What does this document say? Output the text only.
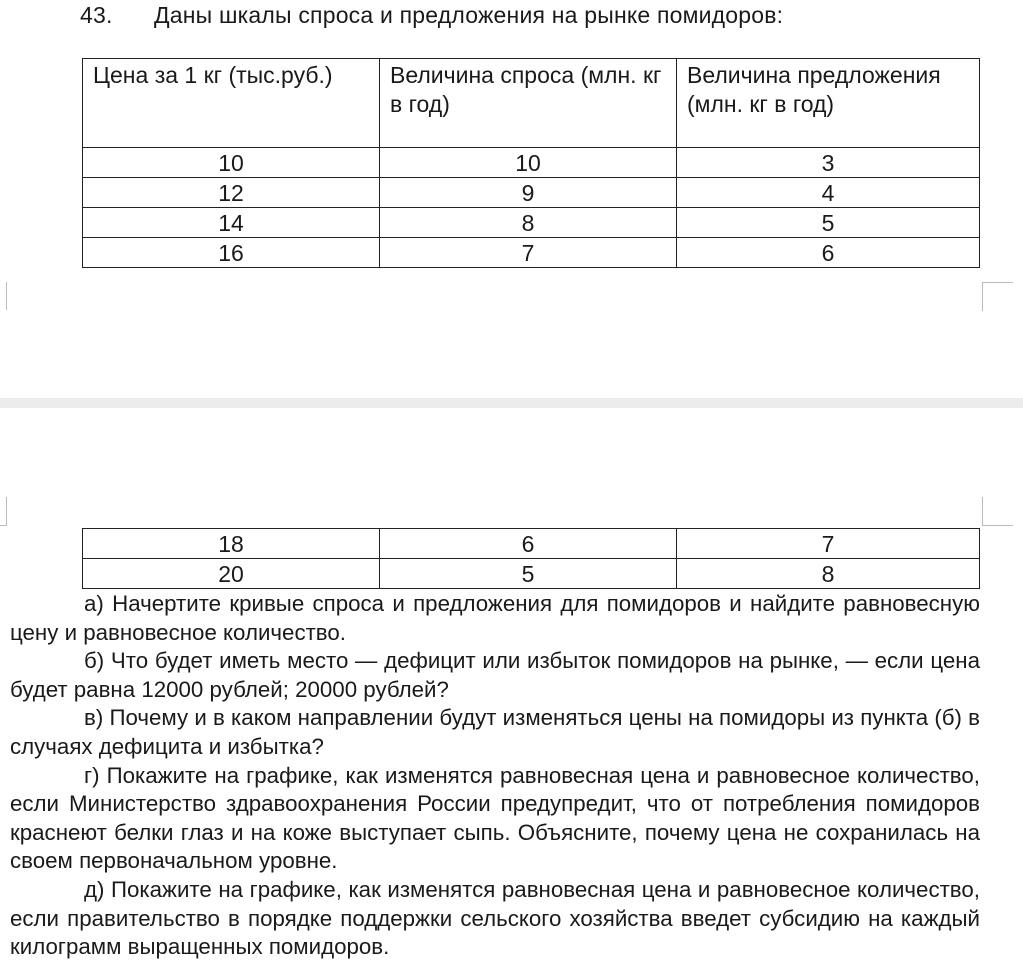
43. Даны шкалы спроса и предложения на рынке помидоров:
Цена за 1 кг (тыс.руб.)	Величина спроса (млн. кг в год)	Величина предложения (млн. кг в год)
10	10	3
12	9	4
14	8	5
16	7	6
18	6	7
20	5	8

а) Начертите кривые спроса и предложения для помидоров и найдите равновесную цену и равновесное количество.

б) Что будет иметь место — дефицит или избыток помидоров на рынке, — если цена будет равна 12000 рублей; 20000 рублей?

в) Почему и в каком направлении будут изменяться цены на помидоры из пункта (б) в случаях дефицита и избытка?

г) Покажите на графике, как изменятся равновесная цена и равновесное количество, если Министерство здравоохранения России предупредит, что от потребления помидоров краснеют белки глаз и на коже выступает сыпь. Объясните, почему цена не сохранилась на своем первоначальном уровне.

д) Покажите на графике, как изменятся равновесная цена и равновесное количество, если правительство в порядке поддержки сельского хозяйства введет субсидию на каждый килограмм выращенных помидоров.
